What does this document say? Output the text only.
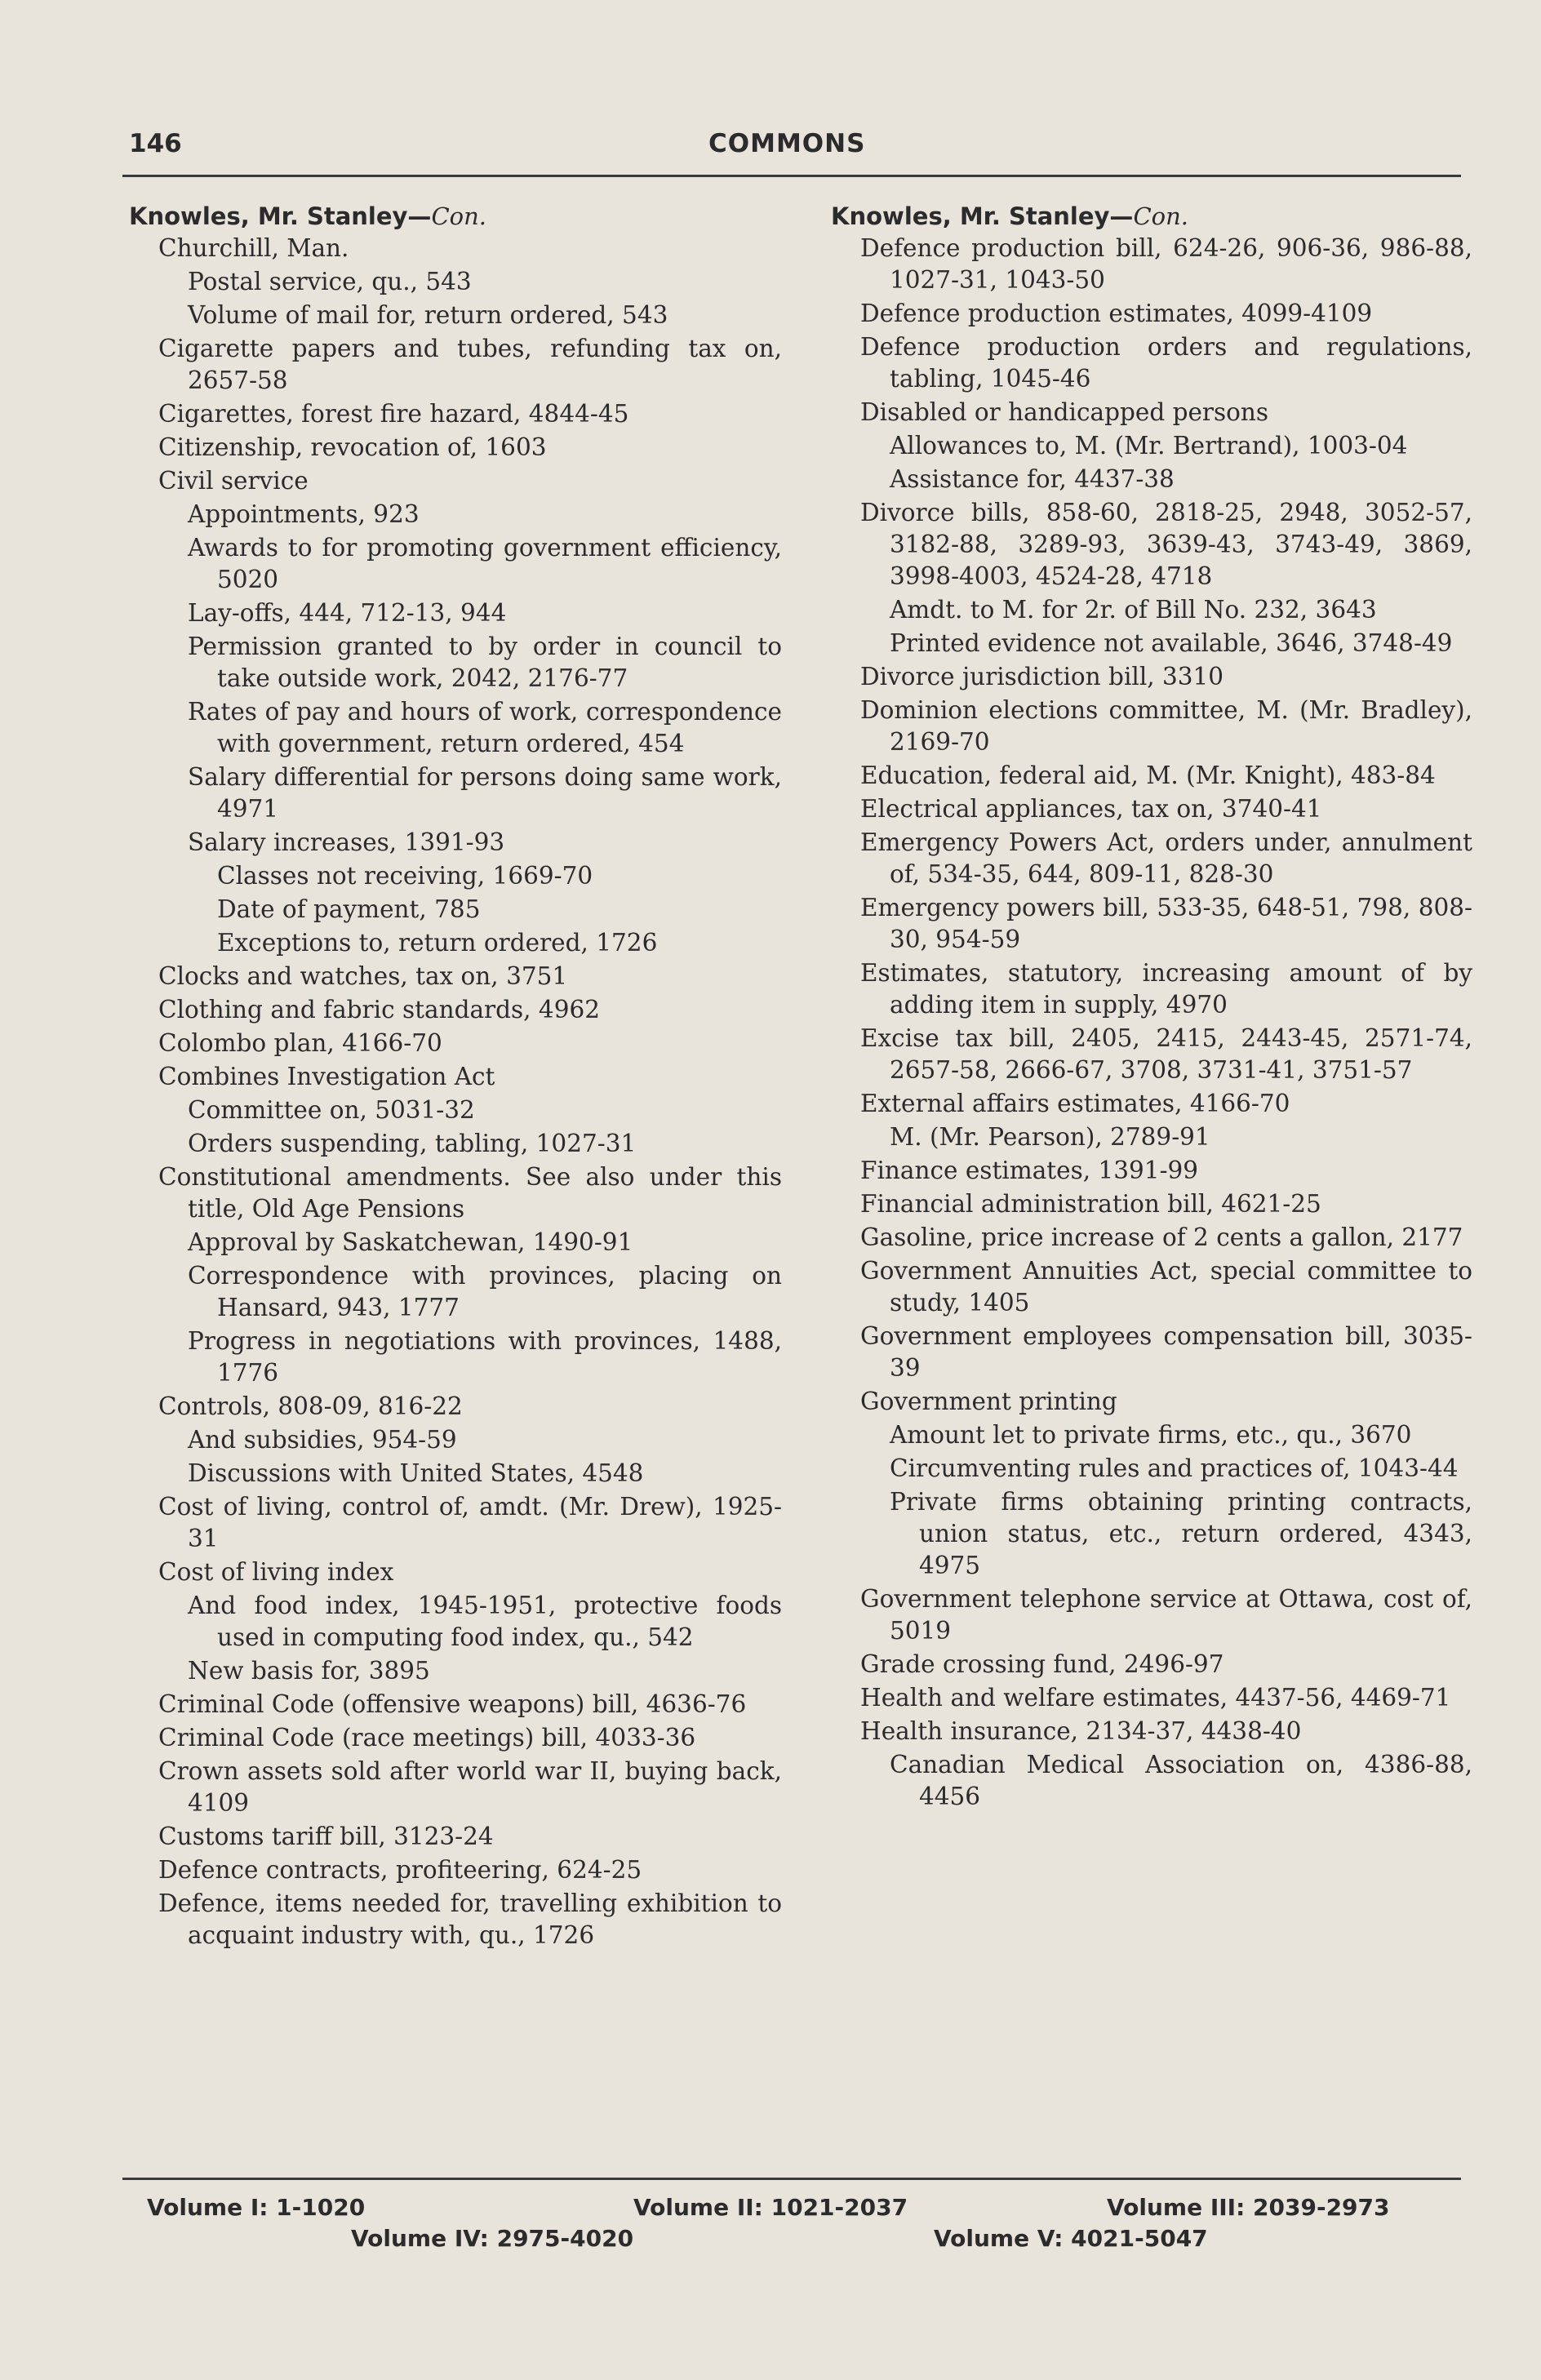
146	COMMONS
Knowles, Mr. Stanley—Con.
Churchill, Man.
Postal service, qu., 543
Volume of mail for, return ordered, 543
Cigarette papers and tubes, refunding tax on, 2657-58
Cigarettes, forest fire hazard, 4844-45
Citizenship, revocation of, 1603
Civil service
Appointments, 923
Awards to for promoting government efficiency, 5020
Lay-offs, 444, 712-13, 944
Permission granted to by order in council to take outside work, 2042, 2176-77
Rates of pay and hours of work, correspondence with government, return ordered, 454
Salary differential for persons doing same work, 4971
Salary increases, 1391-93
Classes not receiving, 1669-70
Date of payment, 785
Exceptions to, return ordered, 1726
Clocks and watches, tax on, 3751
Clothing and fabric standards, 4962
Colombo plan, 4166-70
Combines Investigation Act
Committee on, 5031-32
Orders suspending, tabling, 1027-31
Constitutional amendments. See also under this title, Old Age Pensions
Approval by Saskatchewan, 1490-91
Correspondence with provinces, placing on Hansard, 943, 1777
Progress in negotiations with provinces, 1488, 1776
Controls, 808-09, 816-22
And subsidies, 954-59
Discussions with United States, 4548
Cost of living, control of, amdt. (Mr. Drew), 1925-31
Cost of living index
And food index, 1945-1951, protective foods used in computing food index, qu., 542
New basis for, 3895
Criminal Code (offensive weapons) bill, 4636-76
Criminal Code (race meetings) bill, 4033-36
Crown assets sold after world war II, buying back, 4109
Customs tariff bill, 3123-24
Defence contracts, profiteering, 624-25
Defence, items needed for, travelling exhibition to acquaint industry with, qu., 1726
Knowles, Mr. Stanley—Con.
Defence production bill, 624-26, 906-36, 986-88, 1027-31, 1043-50
Defence production estimates, 4099-4109
Defence production orders and regulations, tabling, 1045-46
Disabled or handicapped persons
Allowances to, M. (Mr. Bertrand), 1003-04
Assistance for, 4437-38
Divorce bills, 858-60, 2818-25, 2948, 3052-57, 3182-88, 3289-93, 3639-43, 3743-49, 3869, 3998-4003, 4524-28, 4718
Amdt. to M. for 2r. of Bill No. 232, 3643
Printed evidence not available, 3646, 3748-49
Divorce jurisdiction bill, 3310
Dominion elections committee, M. (Mr. Bradley), 2169-70
Education, federal aid, M. (Mr. Knight), 483-84
Electrical appliances, tax on, 3740-41
Emergency Powers Act, orders under, annulment of, 534-35, 644, 809-11, 828-30
Emergency powers bill, 533-35, 648-51, 798, 808-30, 954-59
Estimates, statutory, increasing amount of by adding item in supply, 4970
Excise tax bill, 2405, 2415, 2443-45, 2571-74, 2657-58, 2666-67, 3708, 3731-41, 3751-57
External affairs estimates, 4166-70
M. (Mr. Pearson), 2789-91
Finance estimates, 1391-99
Financial administration bill, 4621-25
Gasoline, price increase of 2 cents a gallon, 2177
Government Annuities Act, special committee to study, 1405
Government employees compensation bill, 3035-39
Government printing
Amount let to private firms, etc., qu., 3670
Circumventing rules and practices of, 1043-44
Private firms obtaining printing contracts, union status, etc., return ordered, 4343, 4975
Government telephone service at Ottawa, cost of, 5019
Grade crossing fund, 2496-97
Health and welfare estimates, 4437-56, 4469-71
Health insurance, 2134-37, 4438-40
Canadian Medical Association on, 4386-88, 4456
Volume I: 1-1020	Volume II: 1021-2037	Volume III: 2039-2973
Volume IV: 2975-4020	Volume V: 4021-5047
